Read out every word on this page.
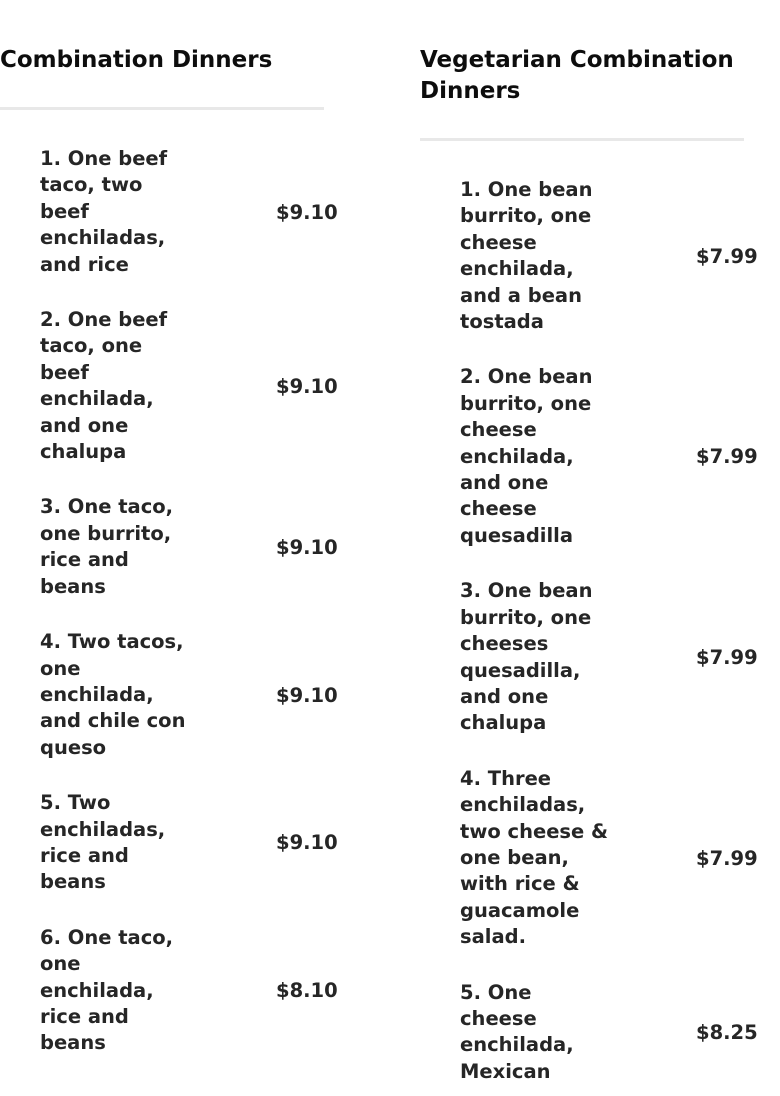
Combination Dinners
1. One beef taco, two beef enchiladas, and rice
$9.10
2. One beef taco, one beef enchilada, and one chalupa
$9.10
3. One taco, one burrito, rice and beans
$9.10
4. Two tacos, one enchilada, and chile con queso
$9.10
5. Two enchiladas, rice and beans
$9.10
6. One taco, one enchilada, rice and beans
$8.10
Vegetarian Combination Dinners
1. One bean burrito, one cheese enchilada, and a bean tostada
$7.99
2. One bean burrito, one cheese enchilada, and one cheese quesadilla
$7.99
3. One bean burrito, one cheeses quesadilla, and one chalupa
$7.99
4. Three enchiladas, two cheese & one bean, with rice & guacamole salad.
$7.99
5. One cheese enchilada, Mexican
$8.25
